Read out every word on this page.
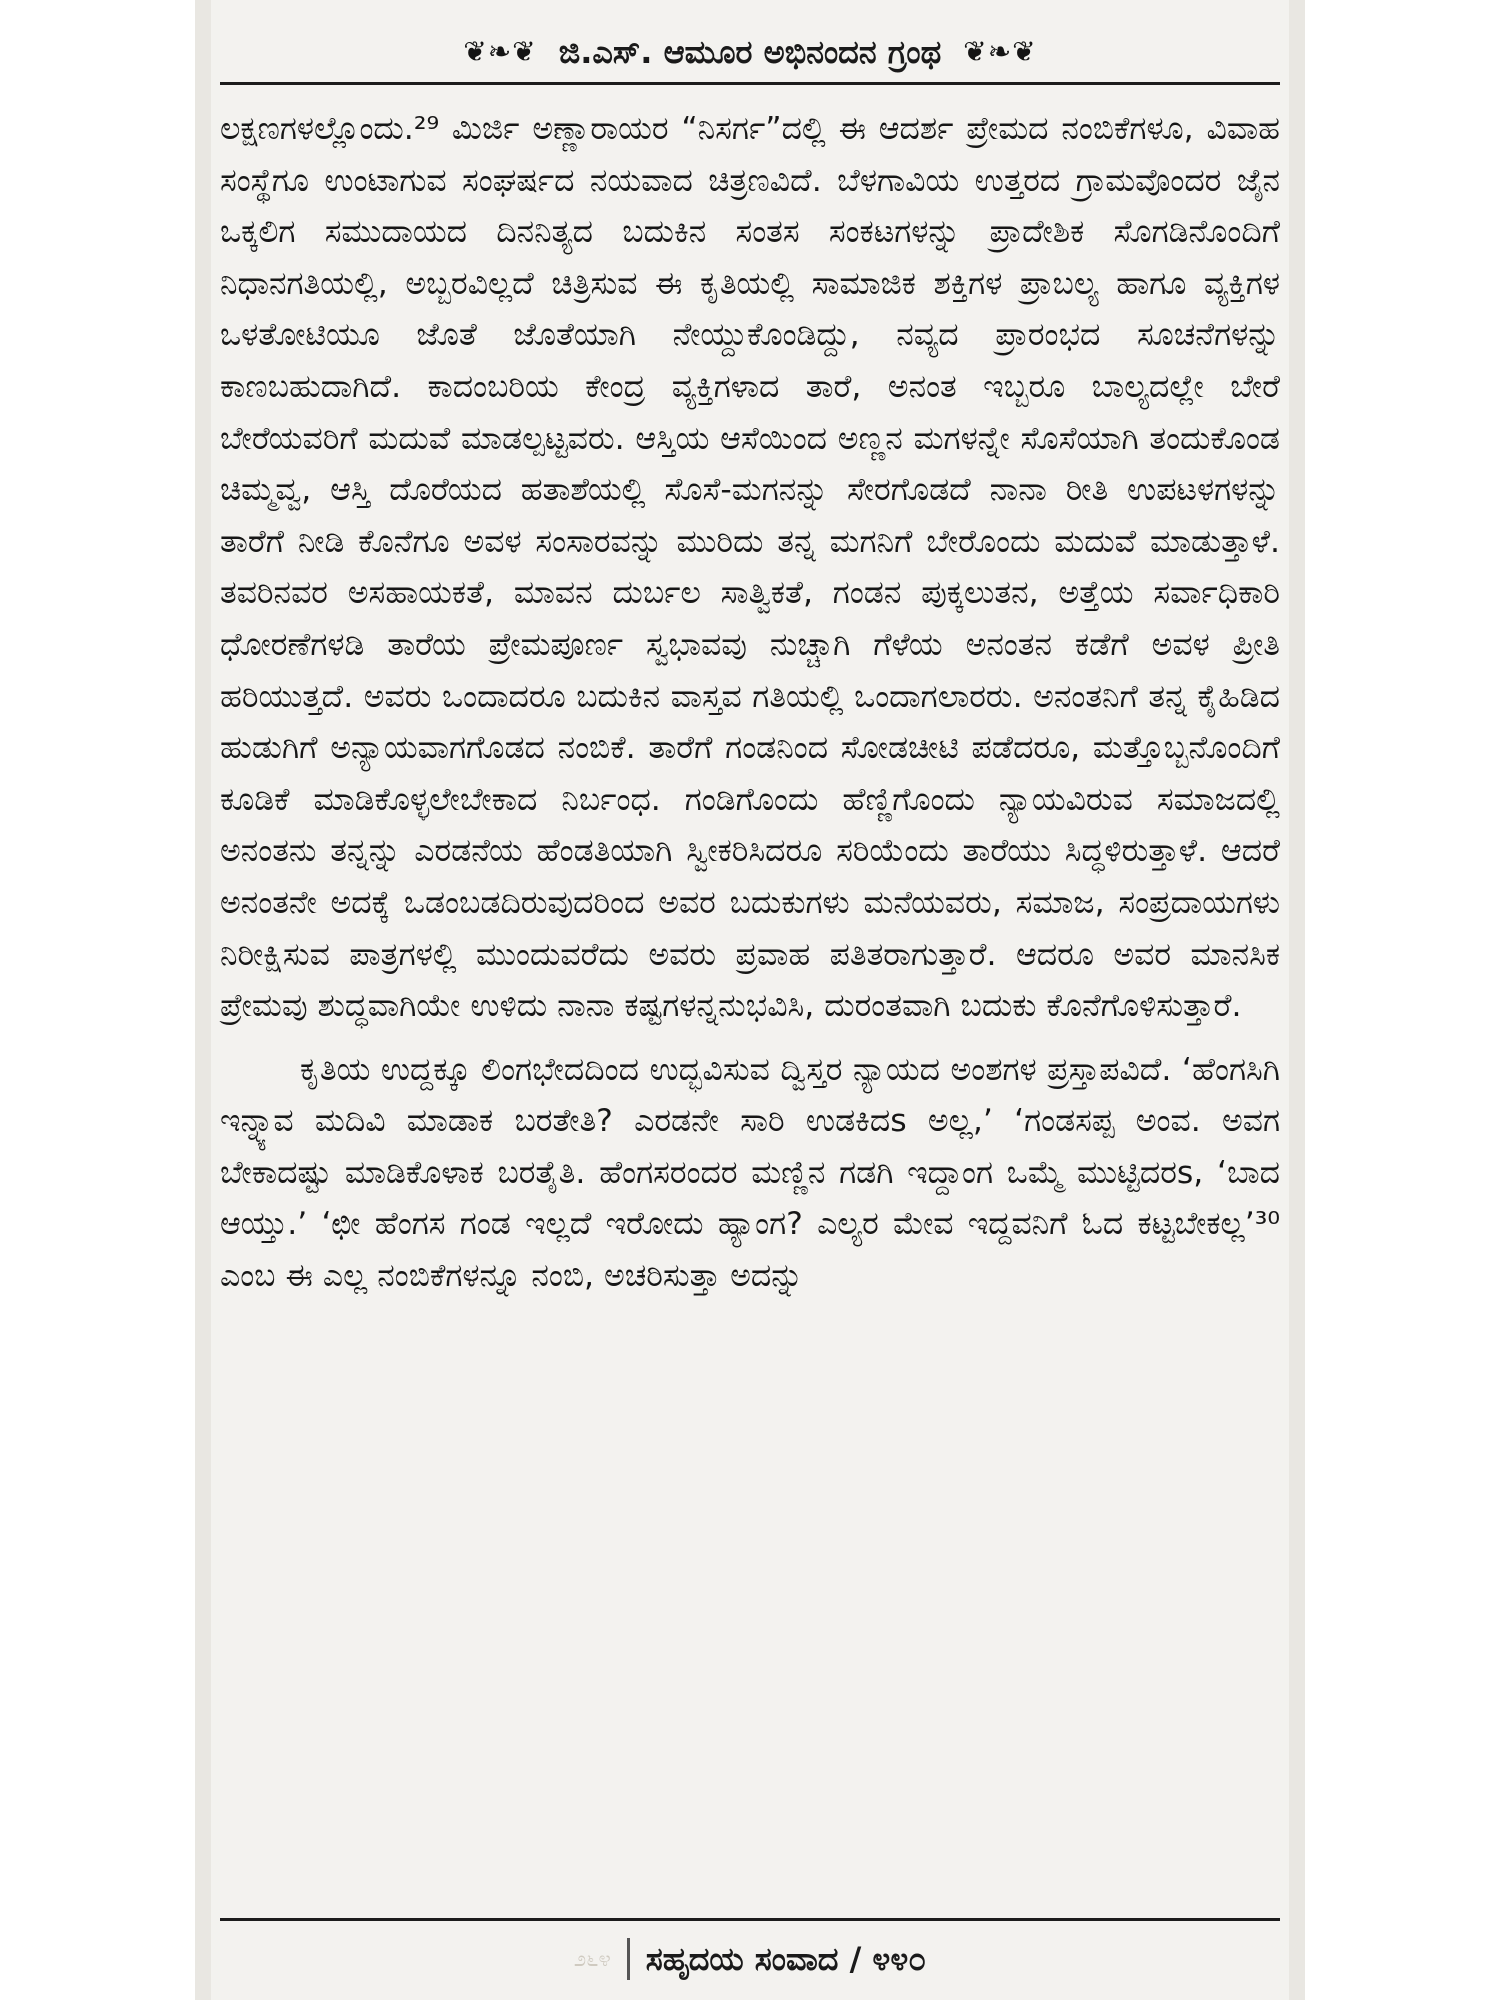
❦❧❦ ಜಿ.ಎಸ್. ಆಮೂರ ಅಭಿನಂದನ ಗ್ರಂಥ ❦❧❦

ಲಕ್ಷಣಗಳಲ್ಲೊಂದು.²⁹ ಮಿರ್ಜಿ ಅಣ್ಣಾರಾಯರ “ನಿಸರ್ಗ”ದಲ್ಲಿ ಈ ಆದರ್ಶ ಪ್ರೇಮದ ನಂಬಿಕೆಗಳೂ, ವಿವಾಹ ಸಂಸ್ಥೆಗೂ ಉಂಟಾಗುವ ಸಂಘರ್ಷದ ನಯವಾದ ಚಿತ್ರಣವಿದೆ. ಬೆಳಗಾವಿಯ ಉತ್ತರದ ಗ್ರಾಮವೊಂದರ ಜೈನ ಒಕ್ಕಲಿಗ ಸಮುದಾಯದ ದಿನನಿತ್ಯದ ಬದುಕಿನ ಸಂತಸ ಸಂಕಟಗಳನ್ನು ಪ್ರಾದೇಶಿಕ ಸೊಗಡಿನೊಂದಿಗೆ ನಿಧಾನಗತಿಯಲ್ಲಿ, ಅಬ್ಬರವಿಲ್ಲದೆ ಚಿತ್ರಿಸುವ ಈ ಕೃತಿಯಲ್ಲಿ ಸಾಮಾಜಿಕ ಶಕ್ತಿಗಳ ಪ್ರಾಬಲ್ಯ ಹಾಗೂ ವ್ಯಕ್ತಿಗಳ ಒಳತೋಟಿಯೂ ಜೊತೆ ಜೊತೆಯಾಗಿ ನೇಯ್ದುಕೊಂಡಿದ್ದು, ನವ್ಯದ ಪ್ರಾರಂಭದ ಸೂಚನೆಗಳನ್ನು ಕಾಣಬಹುದಾಗಿದೆ. ಕಾದಂಬರಿಯ ಕೇಂದ್ರ ವ್ಯಕ್ತಿಗಳಾದ ತಾರೆ, ಅನಂತ ಇಬ್ಬರೂ ಬಾಲ್ಯದಲ್ಲೇ ಬೇರೆ ಬೇರೆಯವರಿಗೆ ಮದುವೆ ಮಾಡಲ್ಪಟ್ಟವರು. ಆಸ್ತಿಯ ಆಸೆಯಿಂದ ಅಣ್ಣನ ಮಗಳನ್ನೇ ಸೊಸೆಯಾಗಿ ತಂದುಕೊಂಡ ಚಿಮ್ಮವ್ವ, ಆಸ್ತಿ ದೊರೆಯದ ಹತಾಶೆಯಲ್ಲಿ ಸೊಸೆ-ಮಗನನ್ನು ಸೇರಗೊಡದೆ ನಾನಾ ರೀತಿ ಉಪಟಳಗಳನ್ನು ತಾರೆಗೆ ನೀಡಿ ಕೊನೆಗೂ ಅವಳ ಸಂಸಾರವನ್ನು ಮುರಿದು ತನ್ನ ಮಗನಿಗೆ ಬೇರೊಂದು ಮದುವೆ ಮಾಡುತ್ತಾಳೆ. ತವರಿನವರ ಅಸಹಾಯಕತೆ, ಮಾವನ ದುರ್ಬಲ ಸಾತ್ವಿಕತೆ, ಗಂಡನ ಪುಕ್ಕಲುತನ, ಅತ್ತೆಯ ಸರ್ವಾಧಿಕಾರಿ ಧೋರಣೆಗಳಡಿ ತಾರೆಯ ಪ್ರೇಮಪೂರ್ಣ ಸ್ವಭಾವವು ನುಚ್ಚಾಗಿ ಗೆಳೆಯ ಅನಂತನ ಕಡೆಗೆ ಅವಳ ಪ್ರೀತಿ ಹರಿಯುತ್ತದೆ. ಅವರು ಒಂದಾದರೂ ಬದುಕಿನ ವಾಸ್ತವ ಗತಿಯಲ್ಲಿ ಒಂದಾಗಲಾರರು. ಅನಂತನಿಗೆ ತನ್ನ ಕೈಹಿಡಿದ ಹುಡುಗಿಗೆ ಅನ್ಯಾಯವಾಗಗೊಡದ ನಂಬಿಕೆ. ತಾರೆಗೆ ಗಂಡನಿಂದ ಸೋಡಚೀಟಿ ಪಡೆದರೂ, ಮತ್ತೊಬ್ಬನೊಂದಿಗೆ ಕೂಡಿಕೆ ಮಾಡಿಕೊಳ್ಳಲೇಬೇಕಾದ ನಿರ್ಬಂಧ. ಗಂಡಿಗೊಂದು ಹೆಣ್ಣಿಗೊಂದು ನ್ಯಾಯವಿರುವ ಸಮಾಜದಲ್ಲಿ ಅನಂತನು ತನ್ನನ್ನು ಎರಡನೆಯ ಹೆಂಡತಿಯಾಗಿ ಸ್ವೀಕರಿಸಿದರೂ ಸರಿಯೆಂದು ತಾರೆಯು ಸಿದ್ಧಳಿರುತ್ತಾಳೆ. ಆದರೆ ಅನಂತನೇ ಅದಕ್ಕೆ ಒಡಂಬಡದಿರುವುದರಿಂದ ಅವರ ಬದುಕುಗಳು ಮನೆಯವರು, ಸಮಾಜ, ಸಂಪ್ರದಾಯಗಳು ನಿರೀಕ್ಷಿಸುವ ಪಾತ್ರಗಳಲ್ಲಿ ಮುಂದುವರೆದು ಅವರು ಪ್ರವಾಹ ಪತಿತರಾಗುತ್ತಾರೆ. ಆದರೂ ಅವರ ಮಾನಸಿಕ ಪ್ರೇಮವು ಶುದ್ಧವಾಗಿಯೇ ಉಳಿದು ನಾನಾ ಕಷ್ಟಗಳನ್ನನುಭವಿಸಿ, ದುರಂತವಾಗಿ ಬದುಕು ಕೊನೆಗೊಳಿಸುತ್ತಾರೆ.

ಕೃತಿಯ ಉದ್ದಕ್ಕೂ ಲಿಂಗಭೇದದಿಂದ ಉದ್ಭವಿಸುವ ದ್ವಿಸ್ತರ ನ್ಯಾಯದ ಅಂಶಗಳ ಪ್ರಸ್ತಾಪವಿದೆ. ‘ಹೆಂಗಸಿಗಿ ಇನ್ನ್ಯಾವ ಮದಿವಿ ಮಾಡಾಕ ಬರತೇತಿ? ಎರಡನೇ ಸಾರಿ ಉಡಕಿದs ಅಲ್ಲ,’ ‘ಗಂಡಸಪ್ಪ ಅಂವ. ಅವಗ ಬೇಕಾದಷ್ಟು ಮಾಡಿಕೊಳಾಕ ಬರತೈತಿ. ಹೆಂಗಸರಂದರ ಮಣ್ಣಿನ ಗಡಗಿ ಇದ್ದಾಂಗ ಒಮ್ಮೆ ಮುಟ್ಟಿದರs, ‘ಬಾದ ಆಯ್ತು.’ ‘ಛೀ ಹೆಂಗಸ ಗಂಡ ಇಲ್ಲದೆ ಇರೋದು ಹ್ಯಾಂಗ? ಎಲ್ಯರ ಮೇವ ಇದ್ದವನಿಗೆ ಓದ ಕಟ್ಟಬೇಕಲ್ಲ’³⁰ ಎಂಬ ಈ ಎಲ್ಲ ನಂಬಿಕೆಗಳನ್ನೂ ನಂಬಿ, ಅಚರಿಸುತ್ತಾ ಅದನ್ನು

೨೬೪ ಸಹೃದಯ ಸಂವಾದ / ೪೪೦
